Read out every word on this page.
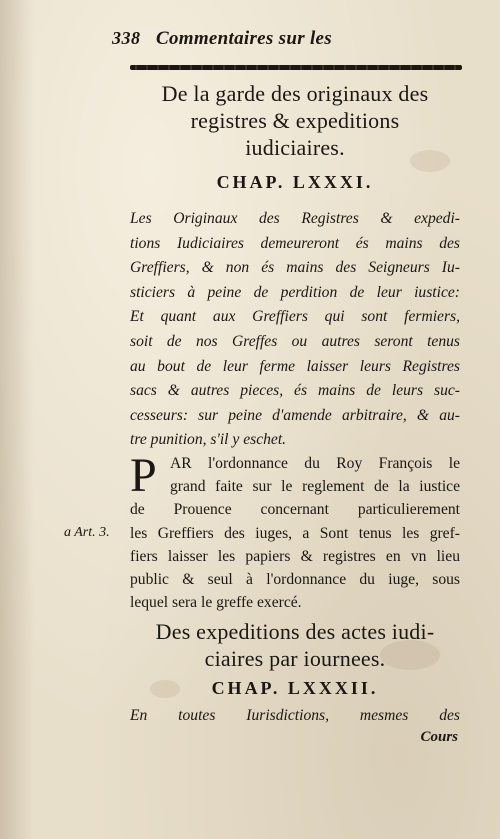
338 Commentaires sur les
De la garde des originaux des
registres & expeditions
iudiciaires.
CHAP. LXXXI.
Les Originaux des Registres & expedi-
tions Iudiciaires demeureront és mains des
Greffiers, & non és mains des Seigneurs Iu-
sticiers à peine de perdition de leur iustice:
Et quant aux Greffiers qui sont fermiers,
soit de nos Greffes ou autres seront tenus
au bout de leur ferme laisser leurs Registres
sacs & autres pieces, és mains de leurs suc-
cesseurs: sur peine d'amende arbitraire, & au-
tre punition, s'il y eschet.
P AR l'ordonnance du Roy François le
grand faite sur le reglement de la iustice
de Prouence concernant particulierement
les Greffiers des iuges, a Sont tenus les gref-
fiers laisser les papiers & registres en vn lieu
public & seul à l'ordonnance du iuge, sous
lequel sera le greffe exercé.
a Art. 3.
Des expeditions des actes iudi-
ciaires par iournees.
CHAP. LXXXII.
En toutes Iurisdictions, mesmes des
Cours
